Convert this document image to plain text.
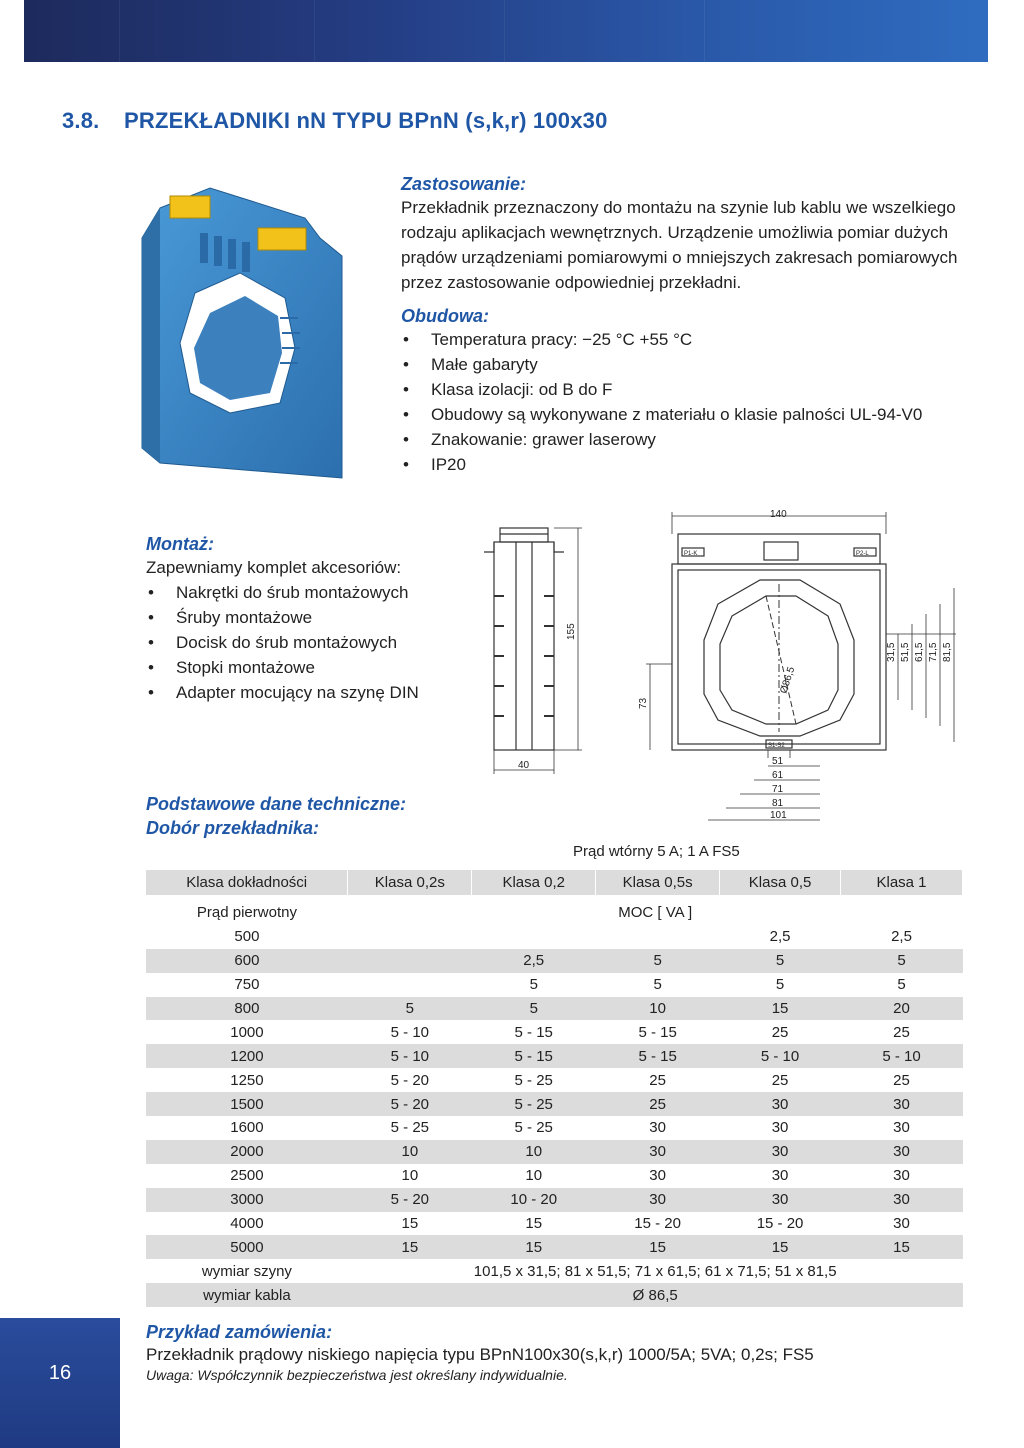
3.8. PRZEKŁADNIKI nN TYPU BPnN (s,k,r) 100x30

Zastosowanie:

Przekładnik przeznaczony do montażu na szynie lub kablu we wszelkiego

rodzaju aplikacjach wewnętrznych. Urządzenie umożliwia pomiar dużych

prądów urządzeniami pomiarowymi o mniejszych zakresach pomiarowych

przez zastosowanie odpowiedniej przekładni.

Obudowa:

• Temperatura pracy: −25 °C +55 °C
• Małe gabaryty
• Klasa izolacji: od B do F
• Obudowy są wykonywane z materiału o klasie palności UL-94-V0
• Znakowanie: grawer laserowy
• IP20

Montaż:

Zapewniamy komplet akcesoriów:

• Nakrętki do śrub montażowych
• Śruby montażowe
• Docisk do śrub montażowych
• Stopki montażowe
• Adapter mocujący na szynę DIN
155
40
140
73
Ø86,5
31,5 51,5 61,5 71,5 81,5
51
61
71
81
101
P1-K	P2-L
S1-S2

Podstawowe dane techniczne:

Dobór przekładnika:

Prąd wtórny 5 A; 1 A FS5
Klasa dokładności	Klasa 0,2s	Klasa 0,2	Klasa 0,5s	Klasa 0,5	Klasa 1

Prąd pierwotny	MOC [ VA ]				
500				2,5	2,5
600		2,5	5	5	5
750		5	5	5	5
800	5	5	10	15	20
1000	5 - 10	5 - 15	5 - 15	25	25
1200	5 - 10	5 - 15	5 - 15	5 - 10	5 - 10
1250	5 - 20	5 - 25	25	25	25
1500	5 - 20	5 - 25	25	30	30
1600	5 - 25	5 - 25	30	30	30
2000	10	10	30	30	30
2500	10	10	30	30	30
3000	5 - 20	10 - 20	30	30	30
4000	15	15	15 - 20	15 - 20	30
5000	15	15	15	15	15
wymiar szyny	101,5 x 31,5; 81 x 51,5; 71 x 61,5; 61 x 71,5; 51 x 81,5				
wymiar kabla	Ø 86,5				

Przykład zamówienia:

Przekładnik prądowy niskiego napięcia typu BPnN100x30(s,k,r) 1000/5A; 5VA; 0,2s; FS5

Uwaga: Współczynnik bezpieczeństwa jest określany indywidualnie.

16
